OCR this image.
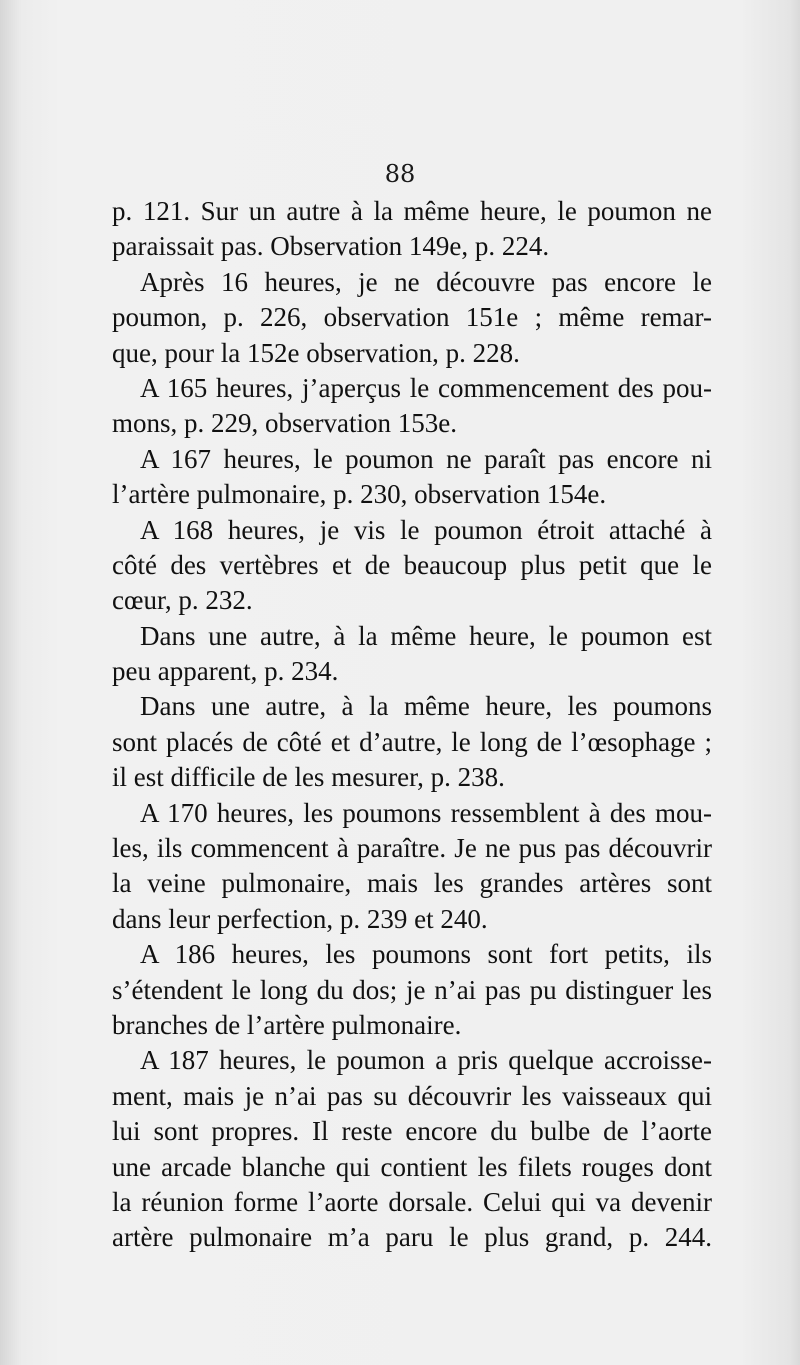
88
p. 121. Sur un autre à la même heure, le poumon ne
paraissait pas. Observation 149e, p. 224.
Après 16 heures, je ne découvre pas encore le
poumon, p. 226, observation 151e ; même remar-
que, pour la 152e observation, p. 228.
A 165 heures, j’aperçus le commencement des pou-
mons, p. 229, observation 153e.
A 167 heures, le poumon ne paraît pas encore ni
l’artère pulmonaire, p. 230, observation 154e.
A 168 heures, je vis le poumon étroit attaché à
côté des vertèbres et de beaucoup plus petit que le
cœur, p. 232.
Dans une autre, à la même heure, le poumon est
peu apparent, p. 234.
Dans une autre, à la même heure, les poumons
sont placés de côté et d’autre, le long de l’œsophage ;
il est difficile de les mesurer, p. 238.
A 170 heures, les poumons ressemblent à des mou-
les, ils commencent à paraître. Je ne pus pas découvrir
la veine pulmonaire, mais les grandes artères sont
dans leur perfection, p. 239 et 240.
A 186 heures, les poumons sont fort petits, ils
s’étendent le long du dos; je n’ai pas pu distinguer les
branches de l’artère pulmonaire.
A 187 heures, le poumon a pris quelque accroisse-
ment, mais je n’ai pas su découvrir les vaisseaux qui
lui sont propres. Il reste encore du bulbe de l’aorte
une arcade blanche qui contient les filets rouges dont
la réunion forme l’aorte dorsale. Celui qui va devenir
artère pulmonaire m’a paru le plus grand, p. 244.
